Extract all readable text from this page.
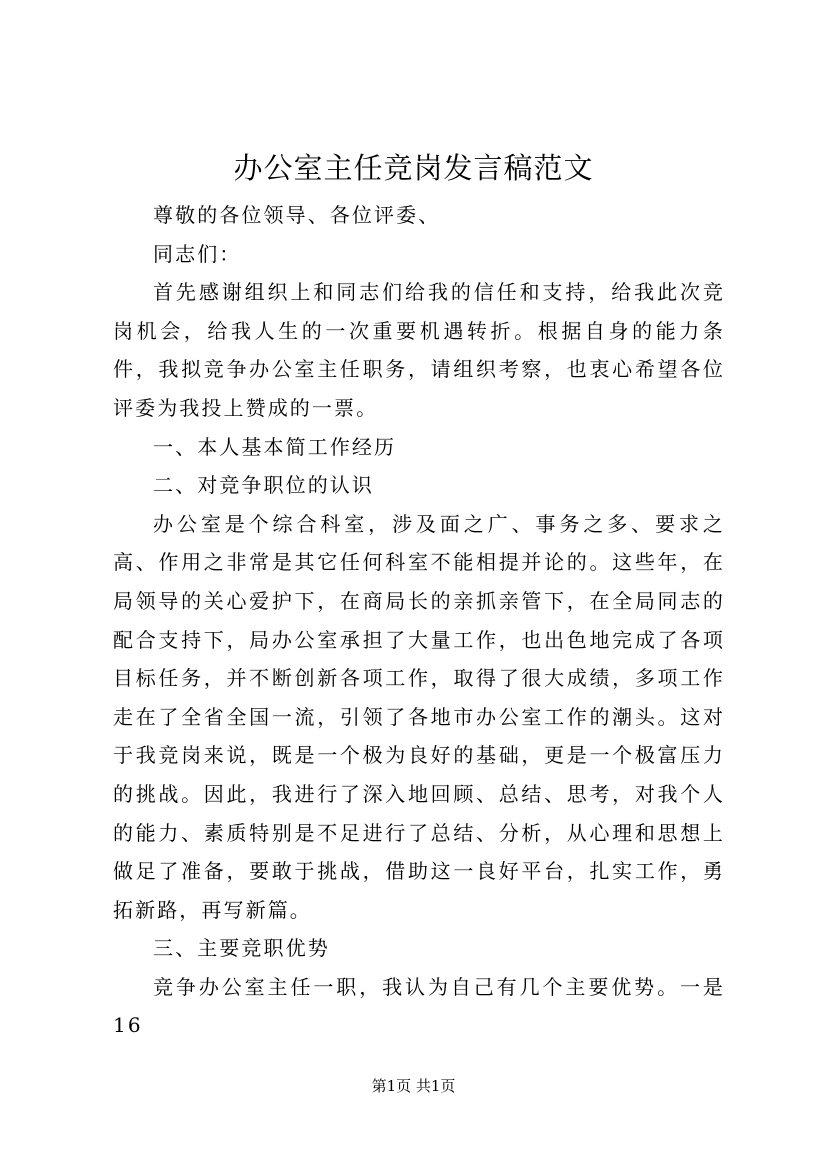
办公室主任竞岗发言稿范文

尊敬的各位领导、各位评委、

同志们：

首先感谢组织上和同志们给我的信任和支持，给我此次竞岗机会，给我人生的一次重要机遇转折。根据自身的能力条件，我拟竞争办公室主任职务，请组织考察，也衷心希望各位评委为我投上赞成的一票。

一、本人基本简工作经历

二、对竞争职位的认识

办公室是个综合科室，涉及面之广、事务之多、要求之高、作用之非常是其它任何科室不能相提并论的。这些年，在局领导的关心爱护下，在商局长的亲抓亲管下，在全局同志的配合支持下，局办公室承担了大量工作，也出色地完成了各项目标任务，并不断创新各项工作，取得了很大成绩，多项工作走在了全省全国一流，引领了各地市办公室工作的潮头。这对于我竞岗来说，既是一个极为良好的基础，更是一个极富压力的挑战。因此，我进行了深入地回顾、总结、思考，对我个人的能力、素质特别是不足进行了总结、分析，从心理和思想上做足了准备，要敢于挑战，借助这一良好平台，扎实工作，勇拓新路，再写新篇。

三、主要竞职优势

竞争办公室主任一职，我认为自己有几个主要优势。一是16

第1页 共1页
